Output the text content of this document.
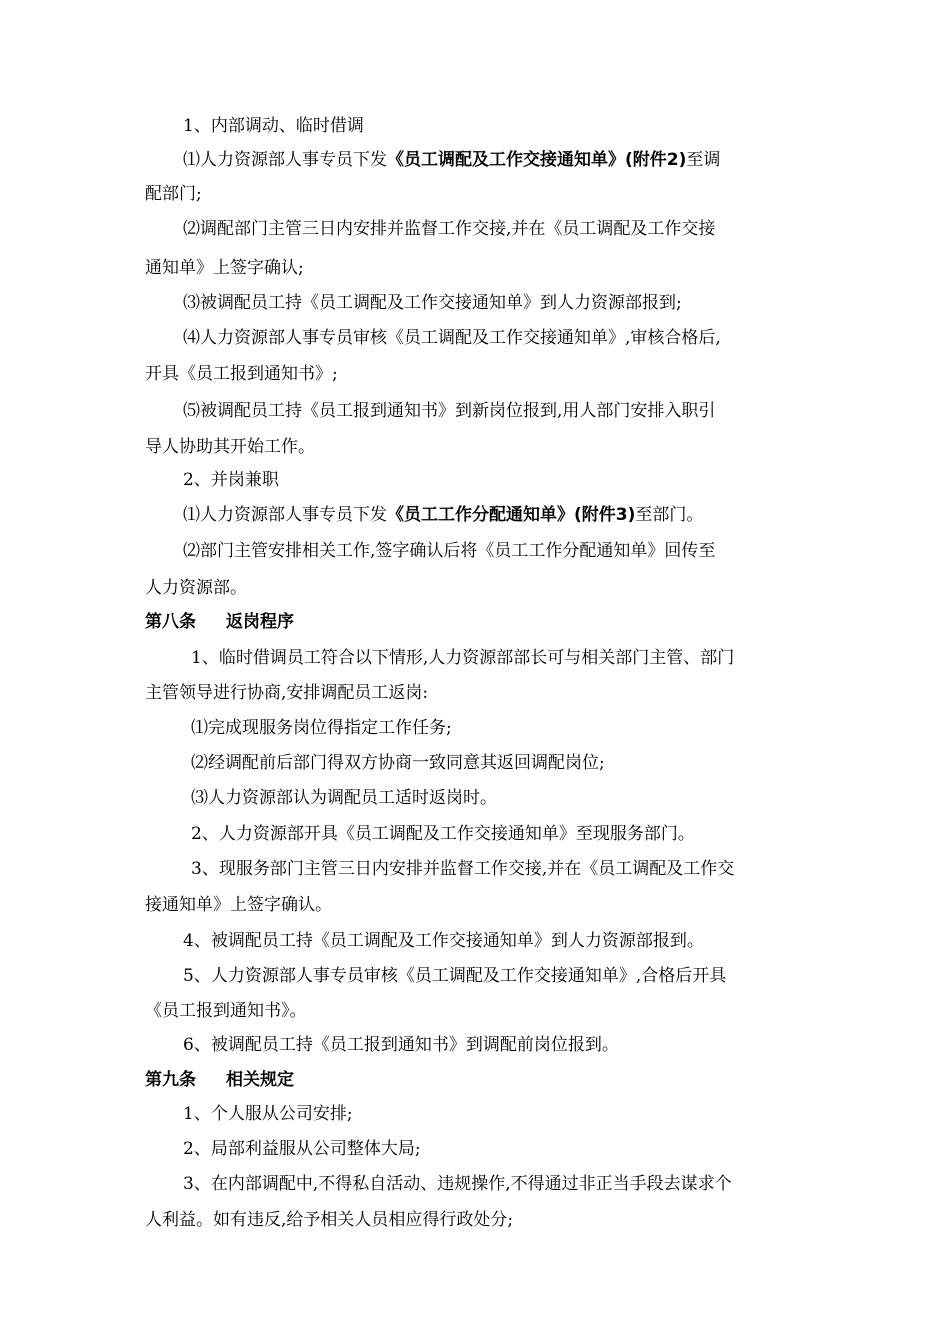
1、内部调动、临时借调
⑴人力资源部人事专员下发《员工调配及工作交接通知单》(附件2)至调
配部门;
⑵调配部门主管三日内安排并监督工作交接,并在《员工调配及工作交接
通知单》上签字确认;
⑶被调配员工持《员工调配及工作交接通知单》到人力资源部报到;
⑷人力资源部人事专员审核《员工调配及工作交接通知单》,审核合格后,
开具《员工报到通知书》;
⑸被调配员工持《员工报到通知书》到新岗位报到,用人部门安排入职引
导人协助其开始工作。
2、并岗兼职
⑴人力资源部人事专员下发《员工工作分配通知单》(附件3)至部门。
⑵部门主管安排相关工作,签字确认后将《员工工作分配通知单》回传至
人力资源部。
第八条 返岗程序
1、临时借调员工符合以下情形,人力资源部部长可与相关部门主管、部门
主管领导进行协商,安排调配员工返岗:
⑴完成现服务岗位得指定工作任务;
⑵经调配前后部门得双方协商一致同意其返回调配岗位;
⑶人力资源部认为调配员工适时返岗时。
2、人力资源部开具《员工调配及工作交接通知单》至现服务部门。
3、现服务部门主管三日内安排并监督工作交接,并在《员工调配及工作交
接通知单》上签字确认。
4、被调配员工持《员工调配及工作交接通知单》到人力资源部报到。
5、人力资源部人事专员审核《员工调配及工作交接通知单》,合格后开具
《员工报到通知书》。
6、被调配员工持《员工报到通知书》到调配前岗位报到。
第九条 相关规定
1、个人服从公司安排;
2、局部利益服从公司整体大局;
3、在内部调配中,不得私自活动、违规操作,不得通过非正当手段去谋求个
人利益。如有违反,给予相关人员相应得行政处分;
